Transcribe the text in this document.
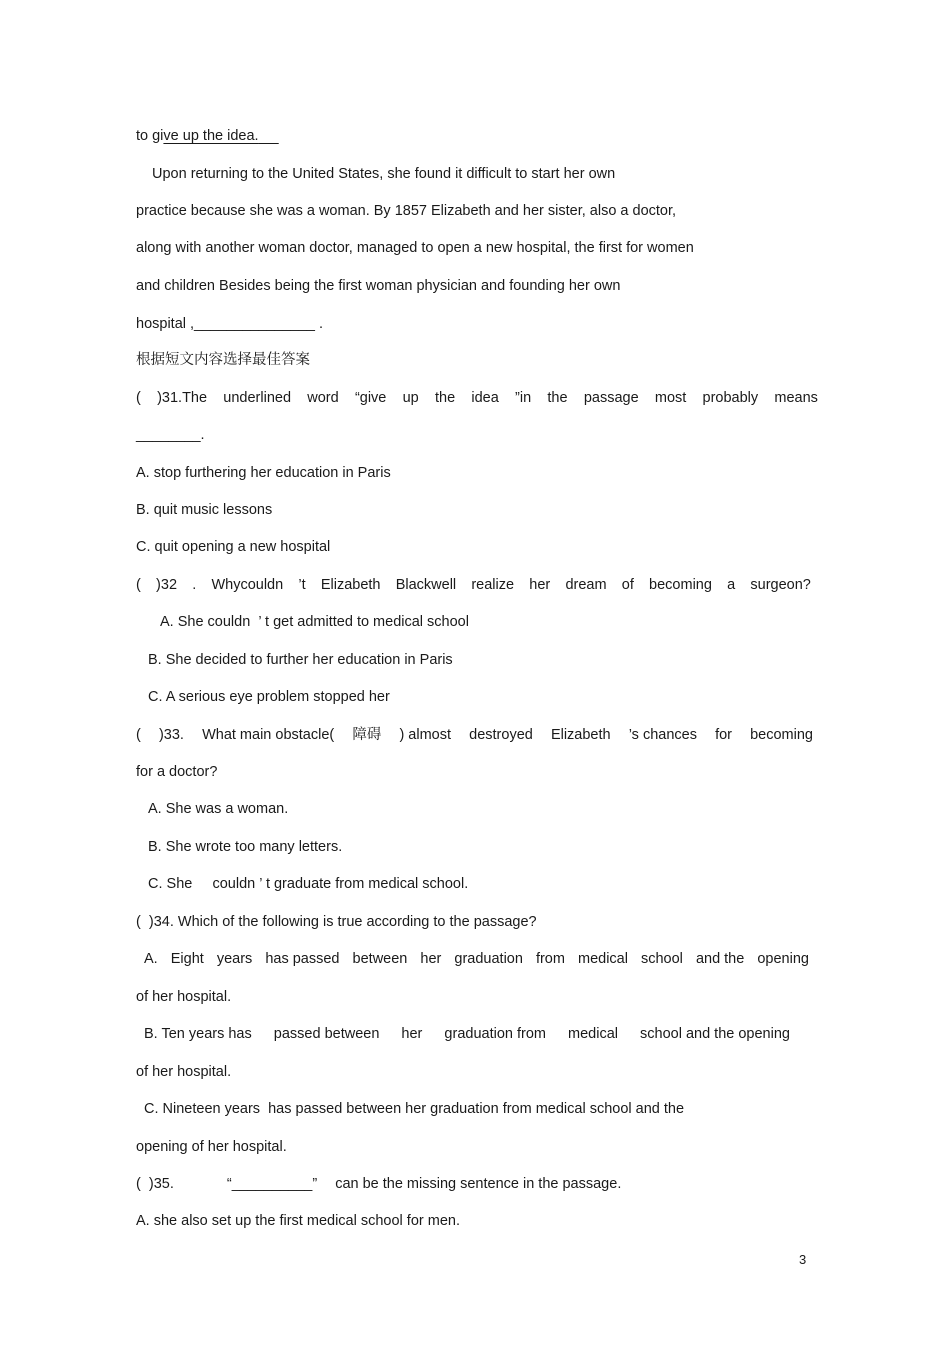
to give up the idea.
Upon returning to the United States, she found it difficult to start her own
practice because she was a woman. By 1857 Elizabeth and her sister, also a doctor,
along with another woman doctor, managed to open a new hospital, the first for women
and children Besides being the first woman physician and founding her own
hospital ,_______________ .
根据短文内容选择最佳答案
( )31.The underlined word “give up the idea ”in the passage most probably means
________.
A. stop furthering her education in Paris
B. quit music lessons
C. quit opening a new hospital
( )32 . Whycouldn ’t Elizabeth Blackwell realize her dream of becoming a surgeon?
A. She couldn  ’ t get admitted to medical school
B. She decided to further her education in Paris
C. A serious eye problem stopped her
( )33. What main obstacle( 障碍 ) almost destroyed Elizabeth ’s chances for becoming
for a doctor?
A. She was a woman.
B. She wrote too many letters.
C. She     couldn ’ t graduate from medical school.
(  )34. Which of the following is true according to the passage?
A. Eight years has passed between her graduation from medical school and the opening
of her hospital.
B. Ten years has passed between her graduation from medical school and the opening
of her hospital.
C. Nineteen years  has passed between her graduation from medical school and the
opening of her hospital.
(  )35.	“__________” can be the missing sentence in the passage.
A. she also set up the first medical school for men.
3
